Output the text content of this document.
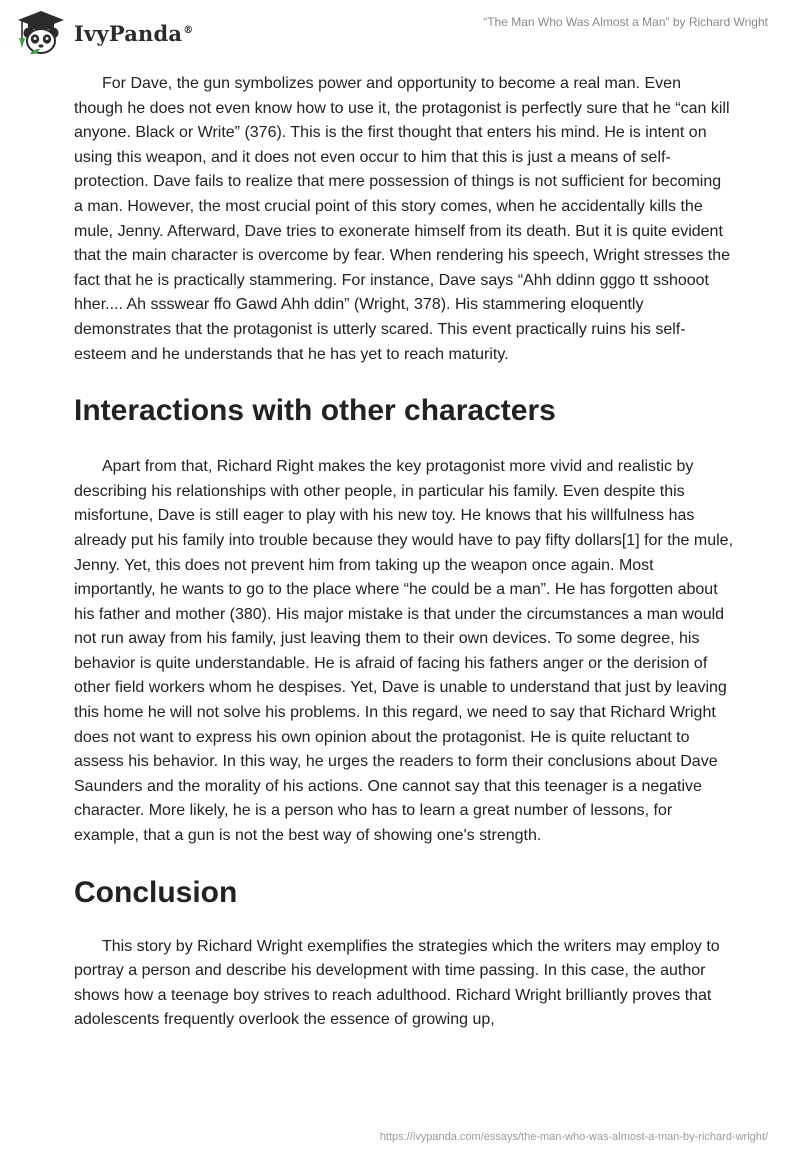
IvyPanda®
“The Man Who Was Almost a Man” by Richard Wright

For Dave, the gun symbolizes power and opportunity to become a real man. Even though he does not even know how to use it, the protagonist is perfectly sure that he “can kill anyone. Black or Write” (376). This is the first thought that enters his mind. He is intent on using this weapon, and it does not even occur to him that this is just a means of self-protection. Dave fails to realize that mere possession of things is not sufficient for becoming a man. However, the most crucial point of this story comes, when he accidentally kills the mule, Jenny. Afterward, Dave tries to exonerate himself from its death. But it is quite evident that the main character is overcome by fear. When rendering his speech, Wright stresses the fact that he is practically stammering. For instance, Dave says “Ahh ddinn gggo tt sshooot hher.... Ah ssswear ffo Gawd Ahh ddin” (Wright, 378). His stammering eloquently demonstrates that the protagonist is utterly scared. This event practically ruins his self-esteem and he understands that he has yet to reach maturity.

Interactions with other characters

Apart from that, Richard Right makes the key protagonist more vivid and realistic by describing his relationships with other people, in particular his family. Even despite this misfortune, Dave is still eager to play with his new toy. He knows that his willfulness has already put his family into trouble because they would have to pay fifty dollars[1] for the mule, Jenny. Yet, this does not prevent him from taking up the weapon once again. Most importantly, he wants to go to the place where “he could be a man”. He has forgotten about his father and mother (380). His major mistake is that under the circumstances a man would not run away from his family, just leaving them to their own devices. To some degree, his behavior is quite understandable. He is afraid of facing his fathers anger or the derision of other field workers whom he despises. Yet, Dave is unable to understand that just by leaving this home he will not solve his problems. In this regard, we need to say that Richard Wright does not want to express his own opinion about the protagonist. He is quite reluctant to assess his behavior. In this way, he urges the readers to form their conclusions about Dave Saunders and the morality of his actions. One cannot say that this teenager is a negative character. More likely, he is a person who has to learn a great number of lessons, for example, that a gun is not the best way of showing one's strength.

Conclusion

This story by Richard Wright exemplifies the strategies which the writers may employ to portray a person and describe his development with time passing. In this case, the author shows how a teenage boy strives to reach adulthood. Richard Wright brilliantly proves that adolescents frequently overlook the essence of growing up,

https://ivypanda.com/essays/the-man-who-was-almost-a-man-by-richard-wright/
